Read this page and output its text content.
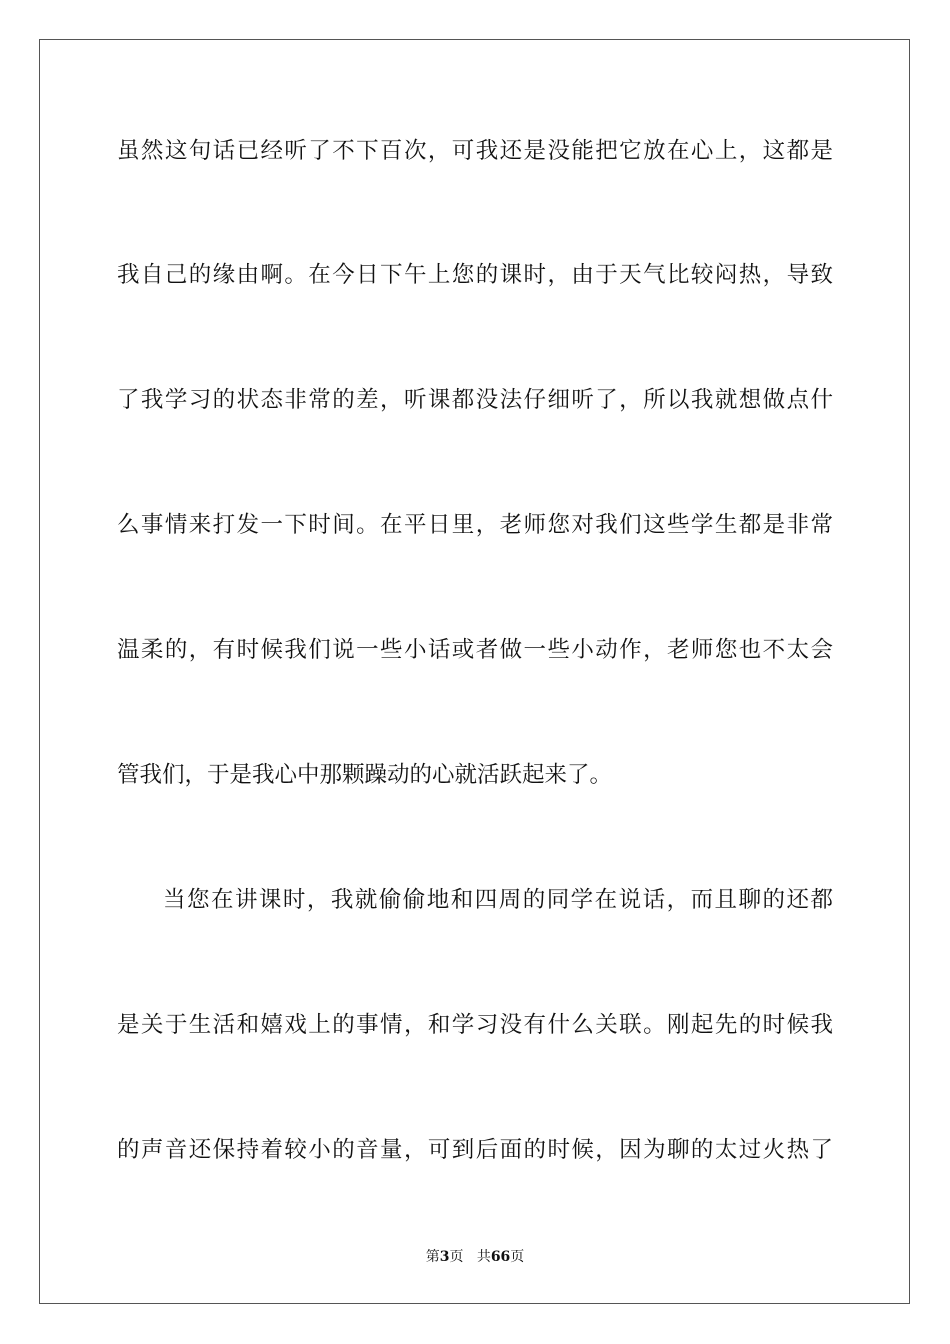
虽然这句话已经听了不下百次，可我还是没能把它放在心上，这都是
我自己的缘由啊。在今日下午上您的课时，由于天气比较闷热，导致
了我学习的状态非常的差，听课都没法仔细听了，所以我就想做点什
么事情来打发一下时间。在平日里，老师您对我们这些学生都是非常
温柔的，有时候我们说一些小话或者做一些小动作，老师您也不太会
管我们，于是我心中那颗躁动的心就活跃起来了。
当您在讲课时，我就偷偷地和四周的同学在说话，而且聊的还都
是关于生活和嬉戏上的事情，和学习没有什么关联。刚起先的时候我
的声音还保持着较小的音量，可到后面的时候，因为聊的太过火热了
第3页 共66页
